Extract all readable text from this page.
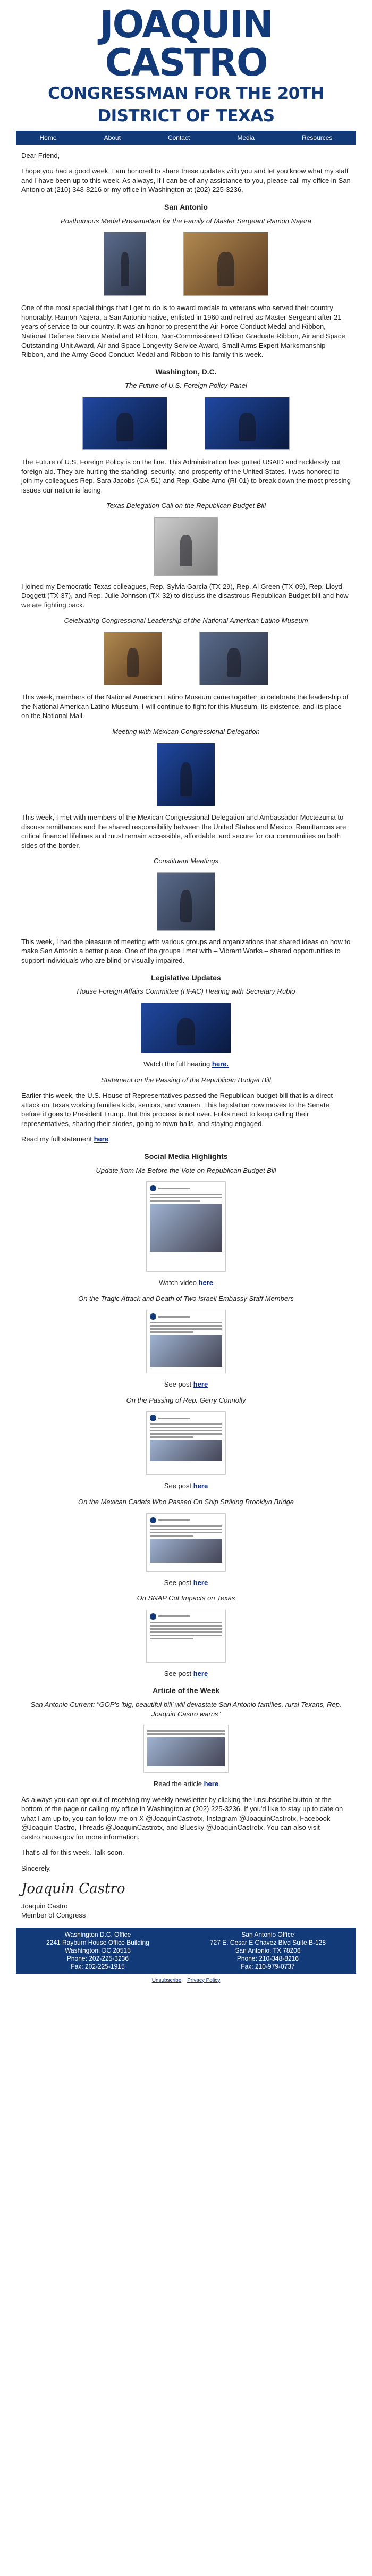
JOAQUIN CASTRO
CONGRESSMAN FOR THE 20TH DISTRICT OF TEXAS
Home	About	Contact	Media	Resources

Dear Friend,

I hope you had a good week. I am honored to share these updates with you and let you know what my staff and I have been up to this week. As always, if I can be of any assistance to you, please call my office in San Antonio at (210) 348-8216 or my office in Washington at (202) 225-3236.

San Antonio
Posthumous Medal Presentation for the Family of Master Sergeant Ramon Najera

One of the most special things that I get to do is to award medals to veterans who served their country honorably. Ramon Najera, a San Antonio native, enlisted in 1960 and retired as Master Sergeant after 21 years of service to our country. It was an honor to present the Air Force Conduct Medal and Ribbon, National Defense Service Medal and Ribbon, Non-Commissioned Officer Graduate Ribbon, Air and Space Outstanding Unit Award, Air and Space Longevity Service Award, Small Arms Expert Marksmanship Ribbon, and the Army Good Conduct Medal and Ribbon to his family this week.

Washington, D.C.
The Future of U.S. Foreign Policy Panel

The Future of U.S. Foreign Policy is on the line. This Administration has gutted USAID and recklessly cut foreign aid. They are hurting the standing, security, and prosperity of the United States. I was honored to join my colleagues Rep. Sara Jacobs (CA-51) and Rep. Gabe Amo (RI-01) to break down the most pressing issues our nation is facing.

Texas Delegation Call on the Republican Budget Bill

I joined my Democratic Texas colleagues, Rep. Sylvia Garcia (TX-29), Rep. Al Green (TX-09), Rep. Lloyd Doggett (TX-37), and Rep. Julie Johnson (TX-32) to discuss the disastrous Republican Budget bill and how we are fighting back.

Celebrating Congressional Leadership of the National American Latino Museum

This week, members of the National American Latino Museum came together to celebrate the leadership of the National American Latino Museum. I will continue to fight for this Museum, its existence, and its place on the National Mall.

Meeting with Mexican Congressional Delegation

This week, I met with members of the Mexican Congressional Delegation and Ambassador Moctezuma to discuss remittances and the shared responsibility between the United States and Mexico. Remittances are critical financial lifelines and must remain accessible, affordable, and secure for our communities on both sides of the border.

Constituent Meetings

This week, I had the pleasure of meeting with various groups and organizations that shared ideas on how to make San Antonio a better place. One of the groups I met with – Vibrant Works – shared opportunities to support individuals who are blind or visually impaired.

Legislative Updates
House Foreign Affairs Committee (HFAC) Hearing with Secretary Rubio

Watch the full hearing here.

Statement on the Passing of the Republican Budget Bill

Earlier this week, the U.S. House of Representatives passed the Republican budget bill that is a direct attack on Texas working families kids, seniors, and women. This legislation now moves to the Senate before it goes to President Trump. But this process is not over. Folks need to keep calling their representatives, sharing their stories, going to town halls, and staying engaged.

Read my full statement here

Social Media Highlights
Update from Me Before the Vote on Republican Budget Bill

Watch video here

On the Tragic Attack and Death of Two Israeli Embassy Staff Members

See post here

On the Passing of Rep. Gerry Connolly

See post here

On the Mexican Cadets Who Passed On Ship Striking Brooklyn Bridge

See post here

On SNAP Cut Impacts on Texas

See post here

Article of the Week
San Antonio Current: "GOP's 'big, beautiful bill' will devastate San Antonio families, rural Texans, Rep. Joaquin Castro warns"

Read the article here

As always you can opt-out of receiving my weekly newsletter by clicking the unsubscribe button at the bottom of the page or calling my office in Washington at (202) 225-3236. If you'd like to stay up to date on what I am up to, you can follow me on X @JoaquinCastrotx, Instagram @JoaquinCastrotx, Facebook @Joaquin Castro, Threads @JoaquinCastrotx, and Bluesky @JoaquinCastrotx. You can also visit castro.house.gov for more information.

That's all for this week. Talk soon.

Sincerely,

Joaquin Castro
Joaquin Castro
Member of Congress
Washington D.C. Office
2241 Rayburn House Office Building
Washington, DC 20515
Phone: 202-225-3236
Fax: 202-225-1915
San Antonio Office
727 E. Cesar E Chavez Blvd Suite B-128
San Antonio, TX 78206
Phone: 210-348-8216
Fax: 210-979-0737
Unsubscribe Privacy Policy
